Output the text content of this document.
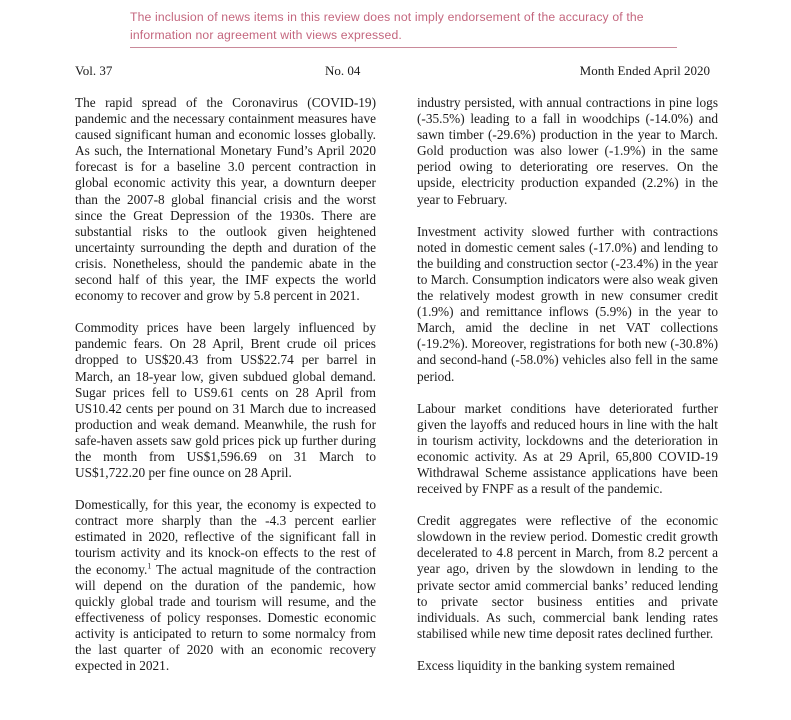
The inclusion of news items in this review does not imply endorsement of the accuracy of the information nor agreement with views expressed.
Vol. 37	No. 04	Month Ended April 2020

The rapid spread of the Coronavirus (COVID-19) pandemic and the necessary containment measures have caused significant human and economic losses globally. As such, the International Monetary Fund’s April 2020 forecast is for a baseline 3.0 percent contraction in global economic activity this year, a downturn deeper than the 2007-8 global financial crisis and the worst since the Great Depression of the 1930s. There are substantial risks to the outlook given heightened uncertainty surrounding the depth and duration of the crisis. Nonetheless, should the pandemic abate in the second half of this year, the IMF expects the world economy to recover and grow by 5.8 percent in 2021.

Commodity prices have been largely influenced by pandemic fears. On 28 April, Brent crude oil prices dropped to US$20.43 from US$22.74 per barrel in March, an 18-year low, given subdued global demand. Sugar prices fell to US9.61 cents on 28 April from US10.42 cents per pound on 31 March due to increased production and weak demand. Meanwhile, the rush for safe-haven assets saw gold prices pick up further during the month from US$1,596.69 on 31 March to US$1,722.20 per fine ounce on 28 April.

Domestically, for this year, the economy is expected to contract more sharply than the -4.3 percent earlier estimated in 2020, reflective of the significant fall in tourism activity and its knock-on effects to the rest of the economy.$^1$ The actual magnitude of the contraction will depend on the duration of the pandemic, how quickly global trade and tourism will resume, and the effectiveness of policy responses. Domestic economic activity is anticipated to return to some normalcy from the last quarter of 2020 with an economic recovery expected in 2021.

industry persisted, with annual contractions in pine logs (-35.5%) leading to a fall in woodchips (-14.0%) and sawn timber (-29.6%) production in the year to March. Gold production was also lower (-1.9%) in the same period owing to deteriorating ore reserves. On the upside, electricity production expanded (2.2%) in the year to February.

Investment activity slowed further with contractions noted in domestic cement sales (-17.0%) and lending to the building and construction sector (-23.4%) in the year to March. Consumption indicators were also weak given the relatively modest growth in new consumer credit (1.9%) and remittance inflows (5.9%) in the year to March, amid the decline in net VAT collections (-19.2%). Moreover, registrations for both new (-30.8%) and second-hand (-58.0%) vehicles also fell in the same period.

Labour market conditions have deteriorated further given the layoffs and reduced hours in line with the halt in tourism activity, lockdowns and the deterioration in economic activity. As at 29 April, 65,800 COVID-19 Withdrawal Scheme assistance applications have been received by FNPF as a result of the pandemic.

Credit aggregates were reflective of the economic slowdown in the review period. Domestic credit growth decelerated to 4.8 percent in March, from 8.2 percent a year ago, driven by the slowdown in lending to the private sector amid commercial banks’ reduced lending to private sector business entities and private individuals. As such, commercial bank lending rates stabilised while new time deposit rates declined further.

Excess liquidity in the banking system remained
